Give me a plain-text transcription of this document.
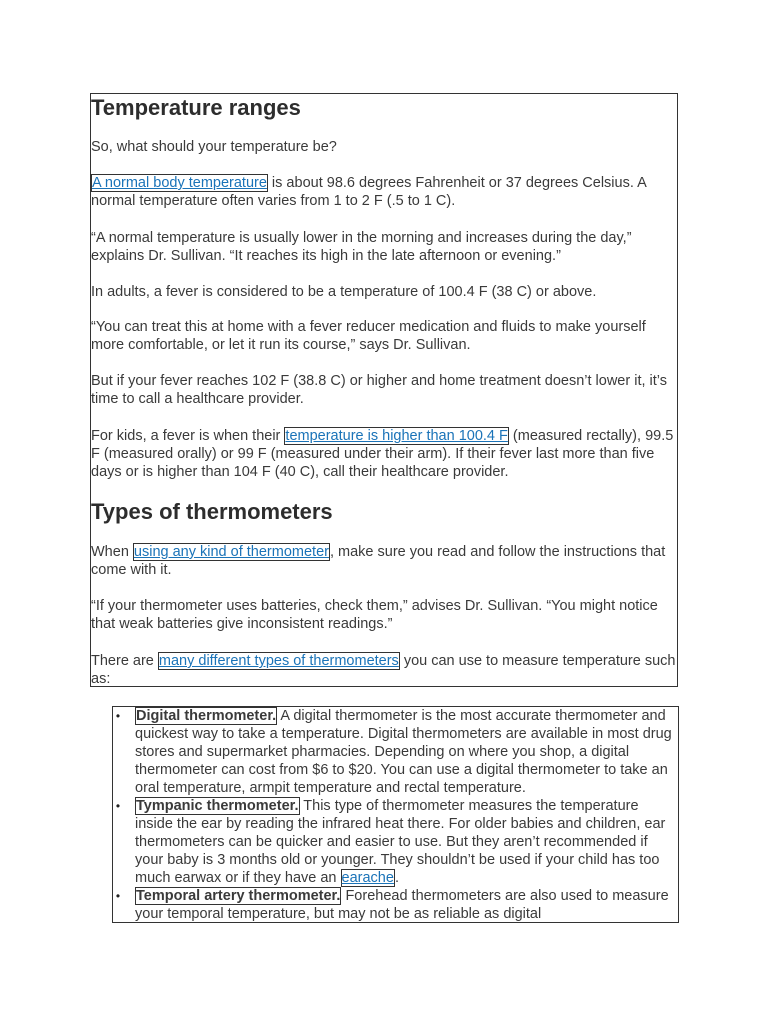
Temperature ranges

So, what should your temperature be?

A normal body temperature is about 98.6 degrees Fahrenheit or 37 degrees Celsius. A normal temperature often varies from 1 to 2 F (.5 to 1 C).

“A normal temperature is usually lower in the morning and increases during the day,” explains Dr. Sullivan. “It reaches its high in the late afternoon or evening.”

In adults, a fever is considered to be a temperature of 100.4 F (38 C) or above.

“You can treat this at home with a fever reducer medication and fluids to make yourself more comfortable, or let it run its course,” says Dr. Sullivan.

But if your fever reaches 102 F (38.8 C) or higher and home treatment doesn’t lower it, it’s time to call a healthcare provider.

For kids, a fever is when their temperature is higher than 100.4 F (measured rectally), 99.5 F (measured orally) or 99 F (measured under their arm). If their fever last more than five days or is higher than 104 F (40 C), call their healthcare provider.

Types of thermometers

When using any kind of thermometer, make sure you read and follow the instructions that come with it.

“If your thermometer uses batteries, check them,” advises Dr. Sullivan. “You might notice that weak batteries give inconsistent readings.”

There are many different types of thermometers you can use to measure temperature such as:

• Digital thermometer. A digital thermometer is the most accurate thermometer and quickest way to take a temperature. Digital thermometers are available in most drug stores and supermarket pharmacies. Depending on where you shop, a digital thermometer can cost from $6 to $20. You can use a digital thermometer to take an oral temperature, armpit temperature and rectal temperature.
• Tympanic thermometer. This type of thermometer measures the temperature inside the ear by reading the infrared heat there. For older babies and children, ear thermometers can be quicker and easier to use. But they aren’t recommended if your baby is 3 months old or younger. They shouldn’t be used if your child has too much earwax or if they have an earache.
• Temporal artery thermometer. Forehead thermometers are also used to measure your temporal temperature, but may not be as reliable as digital
